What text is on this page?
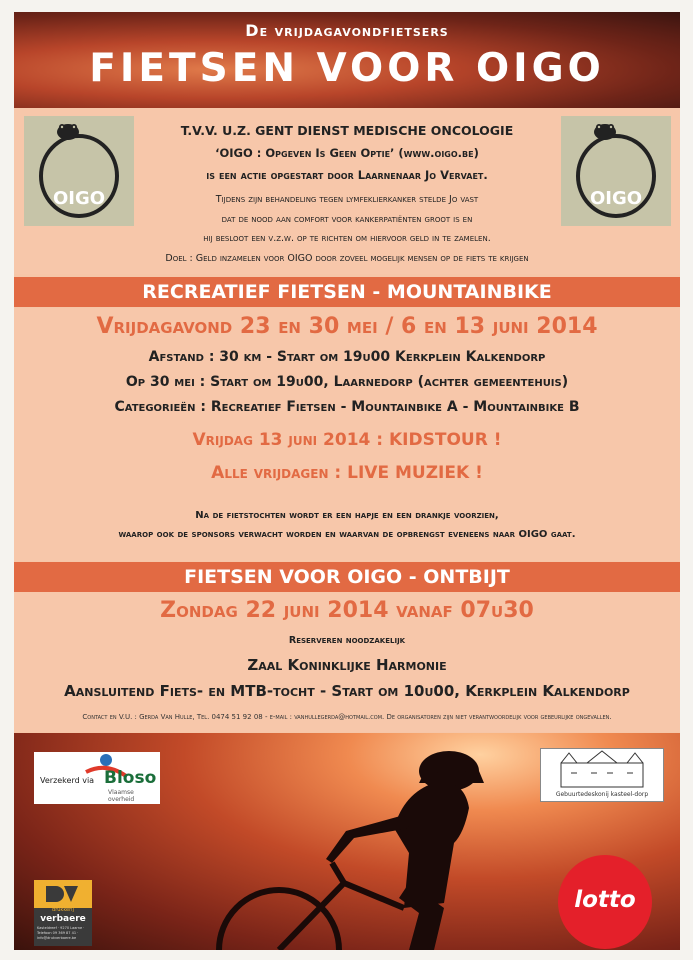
De vrijdagavondfietsers
FIETSEN VOOR OIGO
OIGO
T.V.V. U.Z. GENT DIENST MEDISCHE ONCOLOGIE
‘OIGO : Opgeven Is Geen Optie’ (www.oigo.be)
is een actie opgestart door Laarnenaar Jo Vervaet.
Tijdens zijn behandeling tegen lymfeklierkanker stelde Jo vast
dat de nood aan comfort voor kankerpatiënten groot is en
hij besloot een v.z.w. op te richten om hiervoor geld in te zamelen.
Doel : Geld inzamelen voor OIGO door zoveel mogelijk mensen op de fiets te krijgen
OIGO
RECREATIEF FIETSEN - MOUNTAINBIKE
Vrijdagavond 23 en 30 mei / 6 en 13 juni 2014
Afstand : 30 km - Start om 19u00 Kerkplein Kalkendorp
Op 30 mei : Start om 19u00, Laarnedorp (achter gemeentehuis)
Categorieën : Recreatief Fietsen - Mountainbike A - Mountainbike B
Vrijdag 13 juni 2014 : KIDSTOUR !
Alle vrijdagen : LIVE MUZIEK !
Na de fietstochten wordt er een hapje en een drankje voorzien,
waarop ook de sponsors verwacht worden en waarvan de opbrengst eveneens naar OIGO gaat.
FIETSEN VOOR OIGO - ONTBIJT
Zondag 22 juni 2014 vanaf 07u30
Reserveren noodzakelijk
Zaal Koninklijke Harmonie
Aansluitend Fiets- en MTB-tocht - Start om 10u00, Kerkplein Kalkendorp
Contact en V.U. : Gerda Van Hulle, Tel. 0474 51 92 08 - e-mail : vanhullegerda@hotmail.com. De organisatoren zijn niet verantwoordelijk voor gebeurlijke ongevallen.
Verzekerd via Bloso
Vlaamse overheid
Gebuurtedeskonij kasteel-dorp
drukkerij
verbaere
Kasteldreef · 9270 Laarne · Telefoon 09 369 87 41 · info@drukverbaere.be
lotto
